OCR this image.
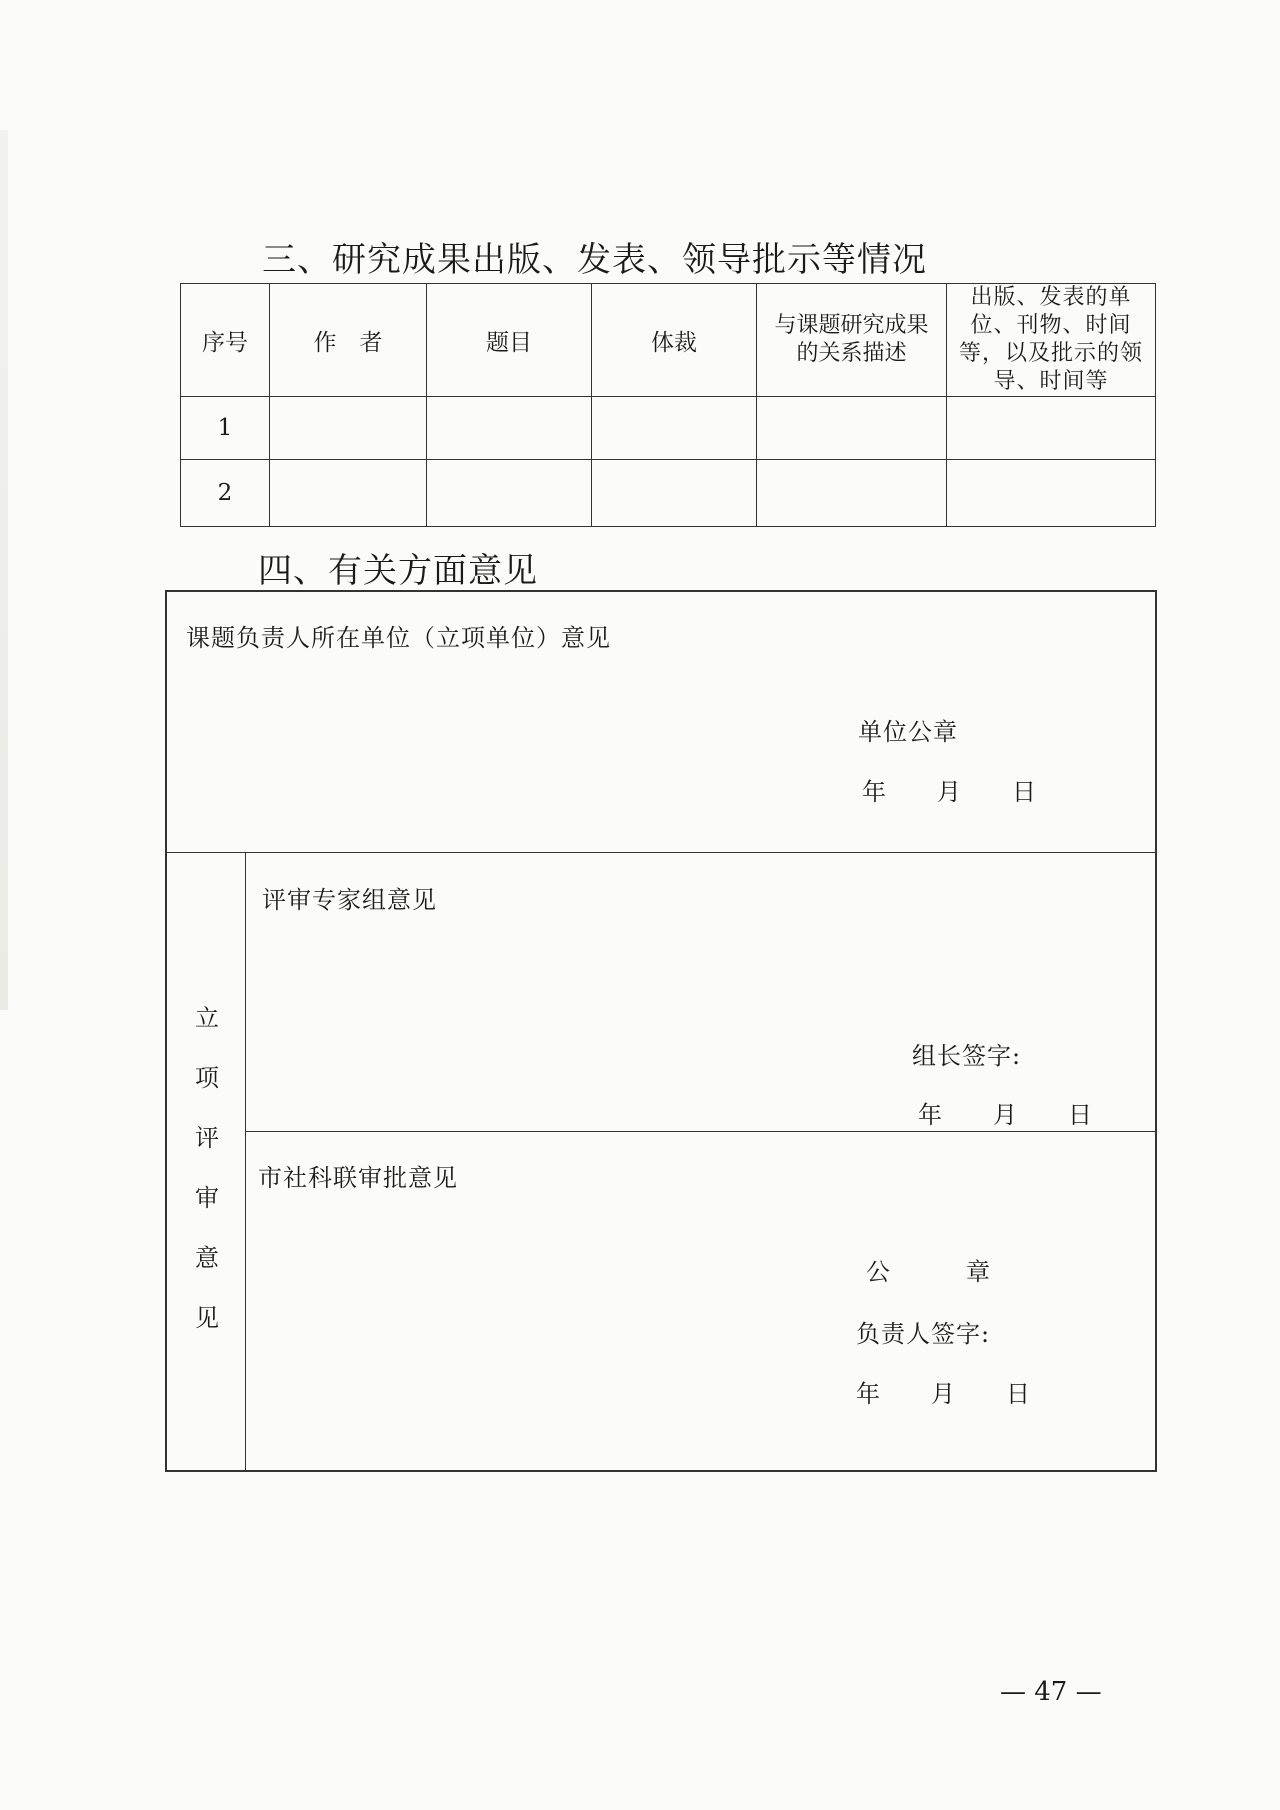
三、研究成果出版、发表、领导批示等情况
序号	作　者	题目	体裁	与课题研究成果的关系描述	出版、发表的单位、刊物、时间等，以及批示的领导、时间等

1					
2					
四、有关方面意见
课题负责人所在单位（立项单位）意见
单位公章
年　　月　　日
立
项
评
审
意
见
评审专家组意见
组长签字:
年　　月　　日
市社科联审批意见
公　　　章
负责人签字:
年　　月　　日
— 47 —
